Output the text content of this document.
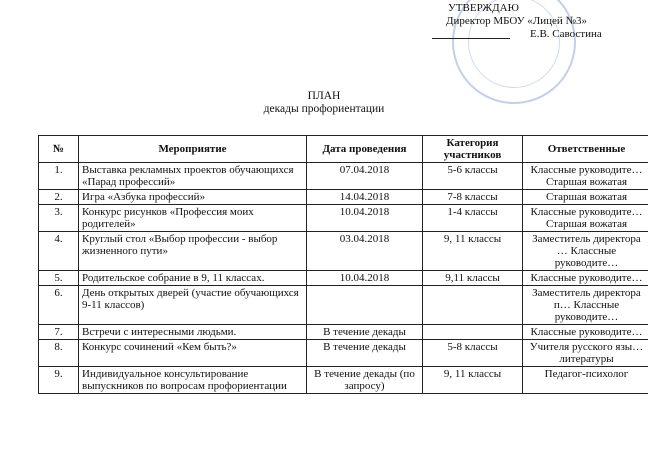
УТВЕРЖДАЮ
Директор МБОУ «Лицей №3»
Е.В. Савостина
ПЛАН
декады профориентации
№	Мероприятие	Дата проведения	Категория участников	Ответственные
1.	Выставка рекламных проектов обучающихся «Парад профессий»	07.04.2018	5-6 классы	Классные руководите… Старшая вожатая
2.	Игра «Азбука профессий»	14.04.2018	7-8 классы	Старшая вожатая
3.	Конкурс рисунков «Профессия моих родителей»	10.04.2018	1-4 классы	Классные руководите… Старшая вожатая
4.	Круглый стол «Выбор профессии - выбор жизненного пути»	03.04.2018	9, 11 классы	Заместитель директора … Классные руководите…
5.	Родительское собрание в 9, 11 классах.	10.04.2018	9,11 классы	Классные руководите…
6.	День открытых дверей (участие обучающихся 9-11 классов)			Заместитель директора п… Классные руководите…
7.	Встречи с интересными людьми.	В течение декады		Классные руководите…
8.	Конкурс сочинений «Кем быть?»	В течение декады	5-8 классы	Учителя русского язы… литературы
9.	Индивидуальное консультирование выпускников по вопросам профориентации	В течение декады (по запросу)	9, 11 классы	Педагог-психолог
